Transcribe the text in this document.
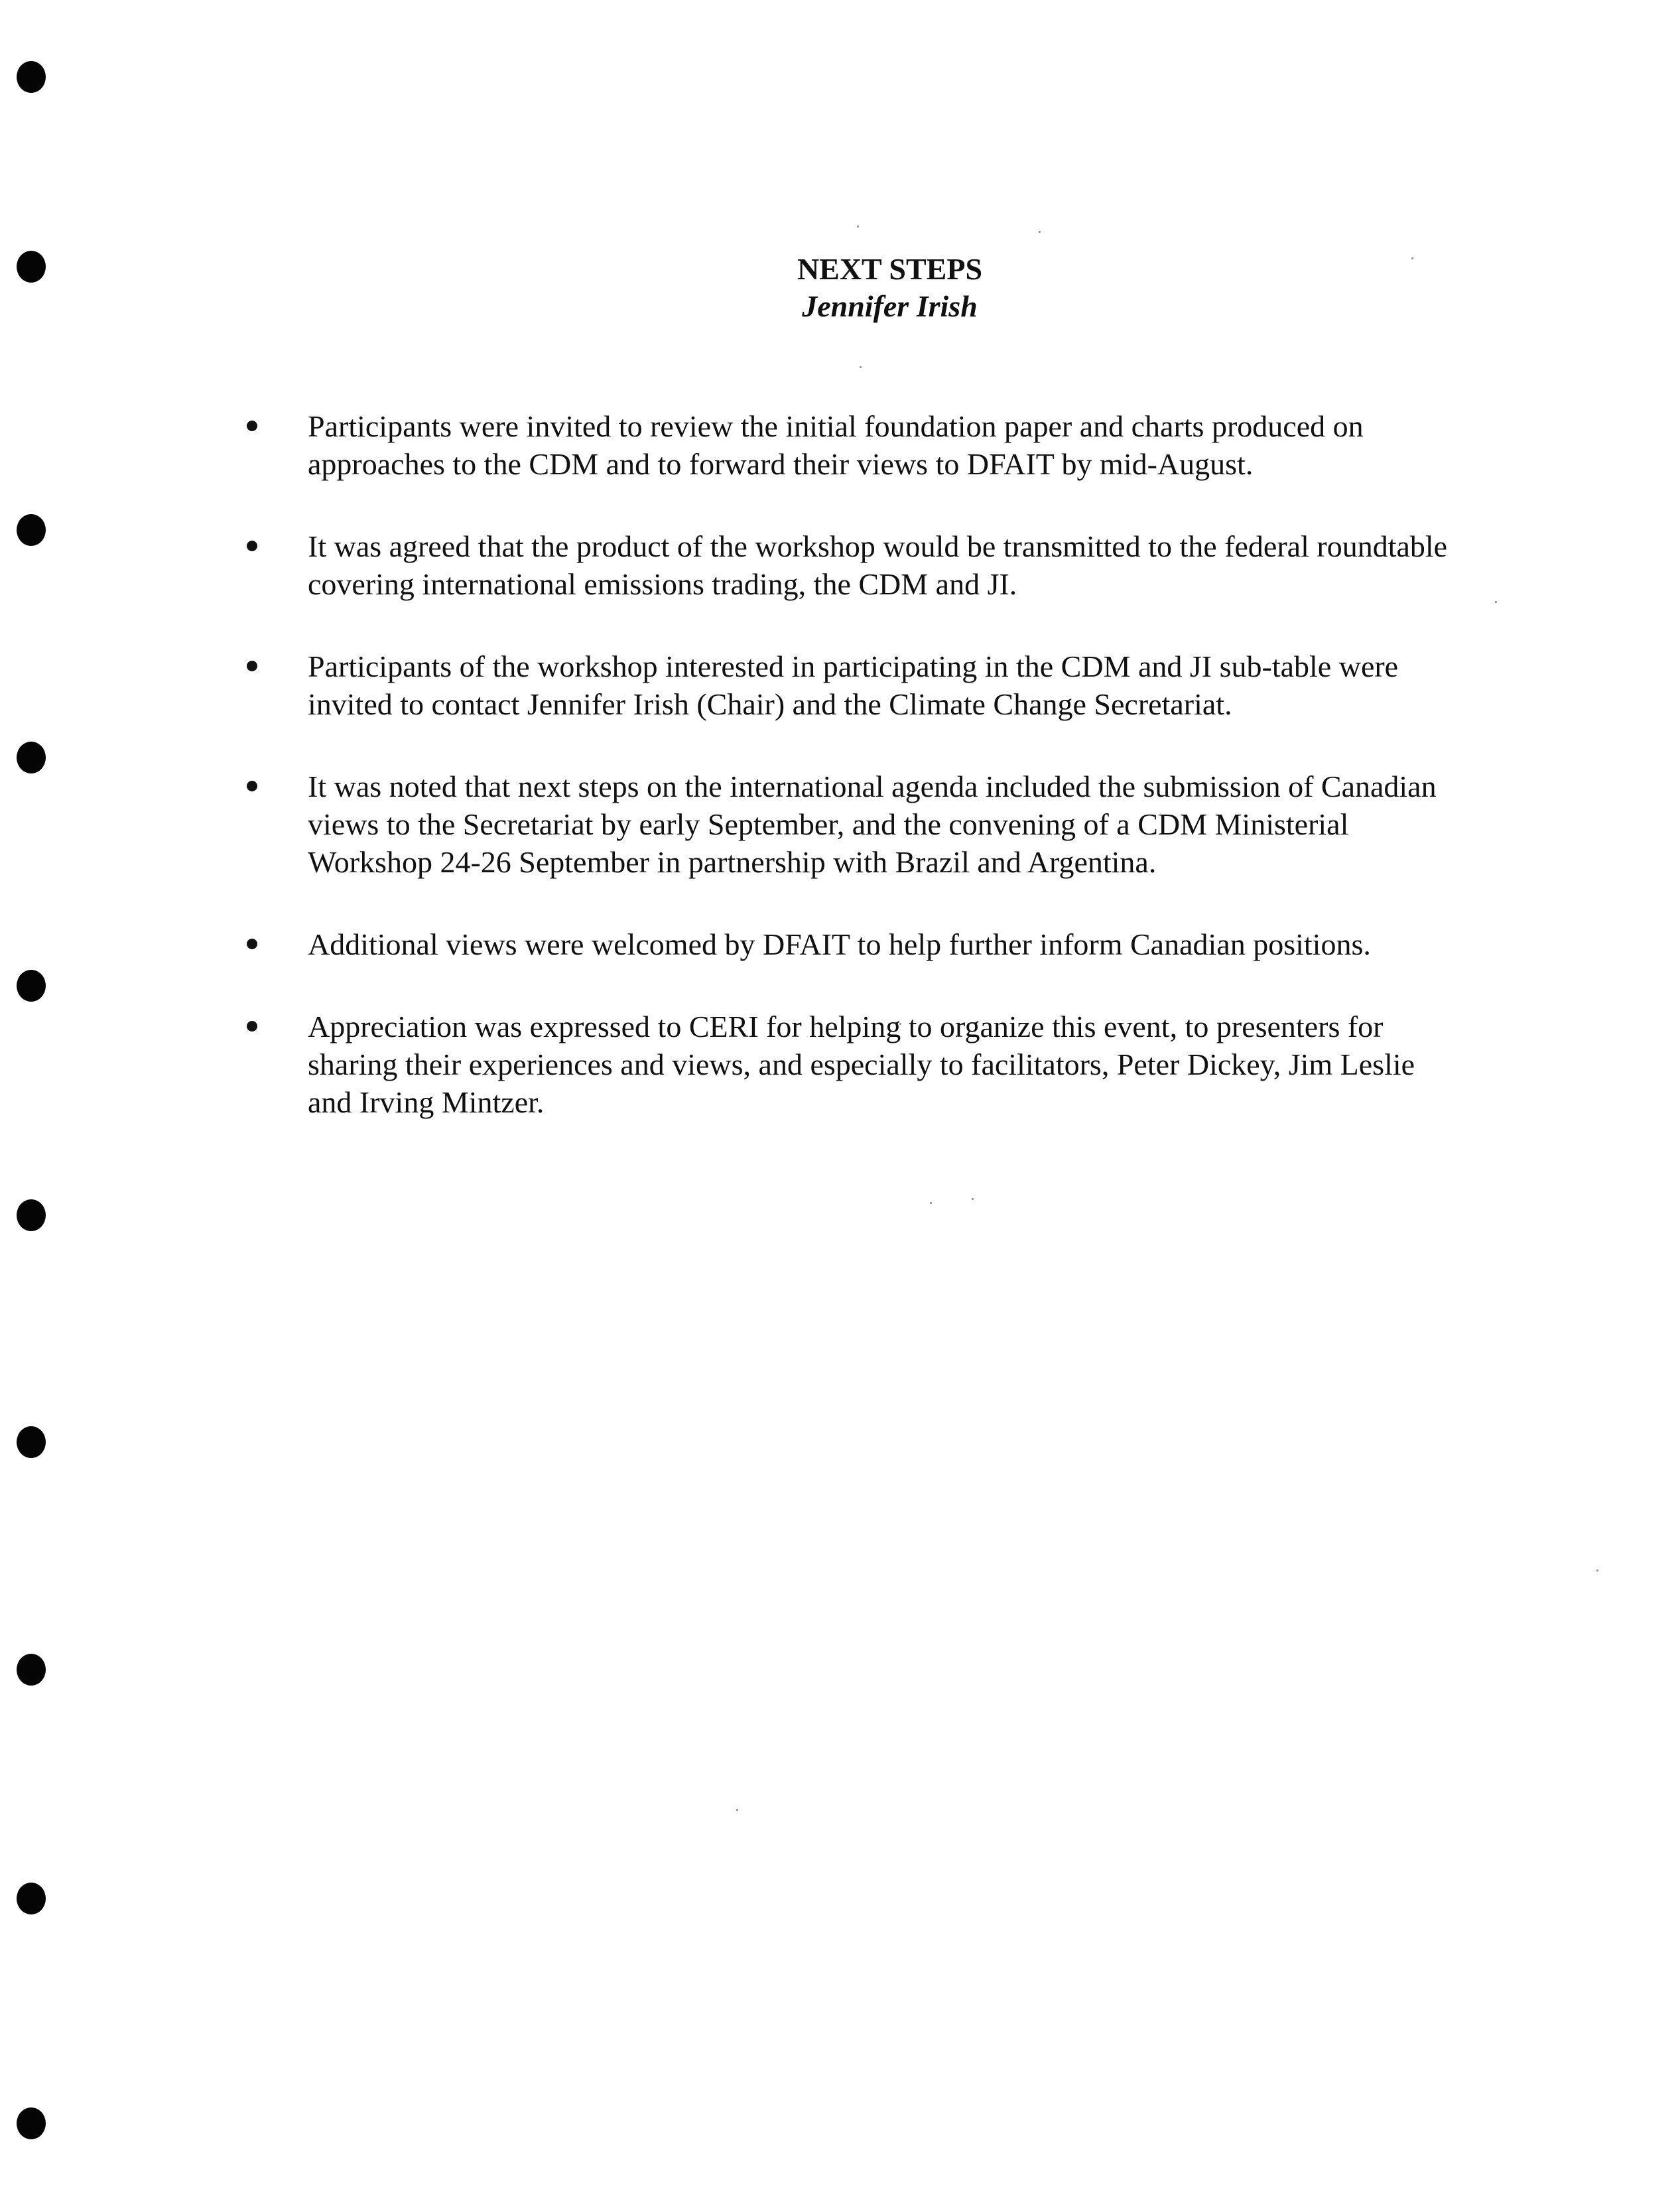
NEXT STEPS
Jennifer Irish
Participants were invited to review the initial foundation paper and charts produced on approaches to the CDM and to forward their views to DFAIT by mid-August.
It was agreed that the product of the workshop would be transmitted to the federal roundtable covering international emissions trading, the CDM and JI.
Participants of the workshop interested in participating in the CDM and JI sub-table were invited to contact Jennifer Irish (Chair) and the Climate Change Secretariat.
It was noted that next steps on the international agenda included the submission of Canadian views to the Secretariat by early September, and the convening of a CDM Ministerial Workshop 24-26 September in partnership with Brazil and Argentina.
Additional views were welcomed by DFAIT to help further inform Canadian positions.
Appreciation was expressed to CERI for helping to organize this event, to presenters for sharing their experiences and views, and especially to facilitators, Peter Dickey, Jim Leslie and Irving Mintzer.
